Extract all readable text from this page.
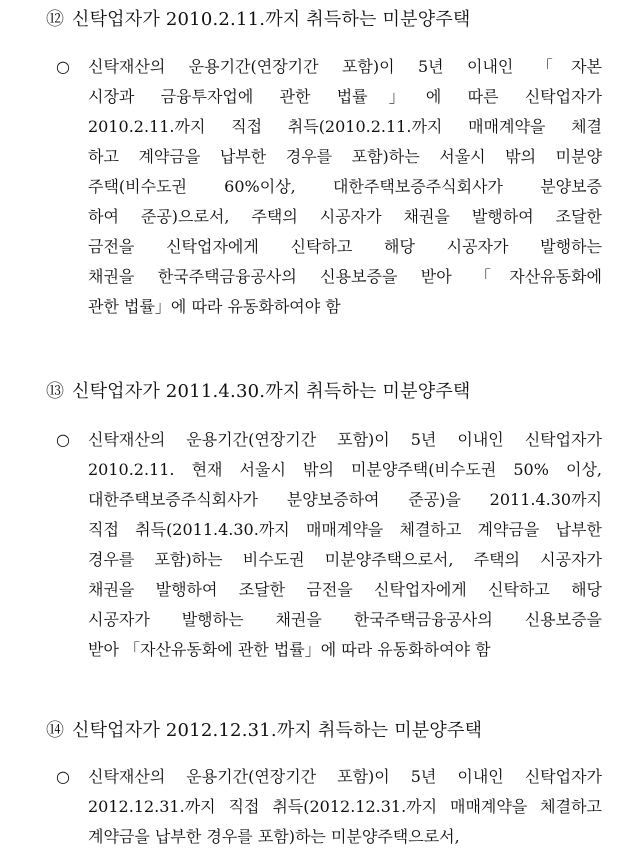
⑫ 신탁업자가 2010.2.11.까지 취득하는 미분양주택
○ 신탁재산의 운용기간(연장기간 포함)이 5년 이내인 「자본
시장과 금융투자업에 관한 법률」에 따른 신탁업자가
2010.2.11.까지 직접 취득(2010.2.11.까지 매매계약을 체결
하고 계약금을 납부한 경우를 포함)하는 서울시 밖의 미분양
주택(비수도권 60%이상, 대한주택보증주식회사가 분양보증
하여 준공)으로서, 주택의 시공자가 채권을 발행하여 조달한
금전을 신탁업자에게 신탁하고 해당 시공자가 발행하는
채권을 한국주택금융공사의 신용보증을 받아 「자산유동화에
관한 법률」에 따라 유동화하여야 함
⑬ 신탁업자가 2011.4.30.까지 취득하는 미분양주택
○ 신탁재산의 운용기간(연장기간 포함)이 5년 이내인 신탁업자가
2010.2.11. 현재 서울시 밖의 미분양주택(비수도권 50% 이상,
대한주택보증주식회사가 분양보증하여 준공)을 2011.4.30까지
직접 취득(2011.4.30.까지 매매계약을 체결하고 계약금을 납부한
경우를 포함)하는 비수도권 미분양주택으로서, 주택의 시공자가
채권을 발행하여 조달한 금전을 신탁업자에게 신탁하고 해당
시공자가 발행하는 채권을 한국주택금융공사의 신용보증을
받아 「자산유동화에 관한 법률」에 따라 유동화하여야 함
⑭ 신탁업자가 2012.12.31.까지 취득하는 미분양주택
○ 신탁재산의 운용기간(연장기간 포함)이 5년 이내인 신탁업자가
2012.12.31.까지 직접 취득(2012.12.31.까지 매매계약을 체결하고
계약금을 납부한 경우를 포함)하는 미분양주택으로서,
